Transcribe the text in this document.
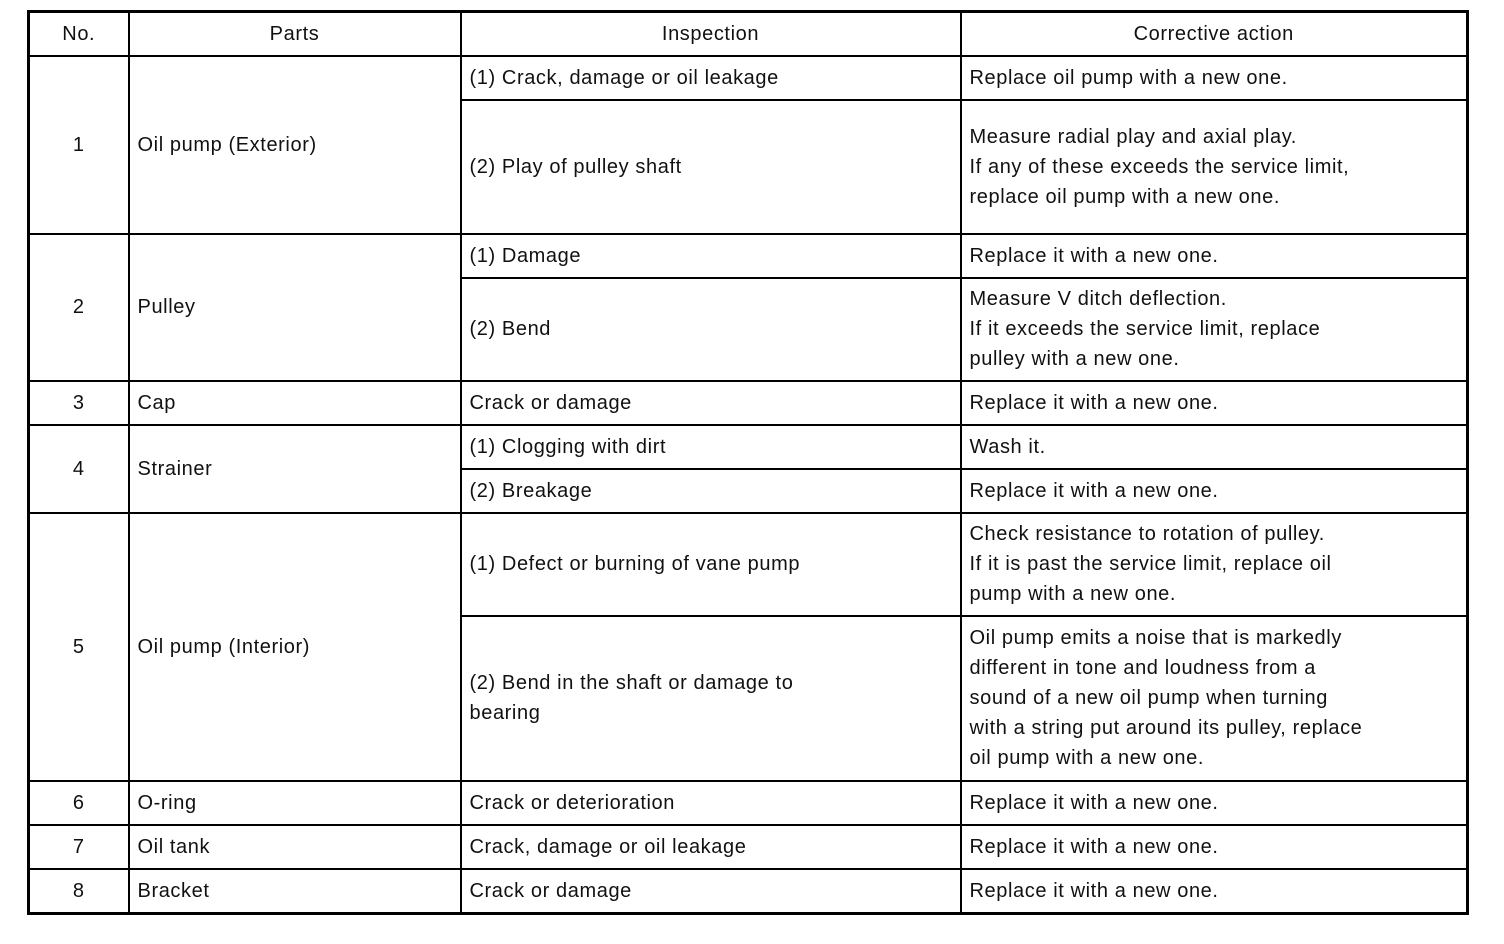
No.	Parts	Inspection	Corrective action
1	Oil pump (Exterior)	(1) Crack, damage or oil leakage	Replace oil pump with a new one.
		(2) Play of pulley shaft	Measure radial play and axial play.
If any of these exceeds the service limit,
replace oil pump with a new one.
2	Pulley	(1) Damage	Replace it with a new one.
		(2) Bend	Measure V ditch deflection.
If it exceeds the service limit, replace
pulley with a new one.
3	Cap	Crack or damage	Replace it with a new one.
4	Strainer	(1) Clogging with dirt	Wash it.
		(2) Breakage	Replace it with a new one.
5	Oil pump (Interior)	(1) Defect or burning of vane pump	Check resistance to rotation of pulley.
If it is past the service limit, replace oil
pump with a new one.
		(2) Bend in the shaft or damage to
bearing	Oil pump emits a noise that is markedly
different in tone and loudness from a
sound of a new oil pump when turning
with a string put around its pulley, replace
oil pump with a new one.
6	O-ring	Crack or deterioration	Replace it with a new one.
7	Oil tank	Crack, damage or oil leakage	Replace it with a new one.
8	Bracket	Crack or damage	Replace it with a new one.
